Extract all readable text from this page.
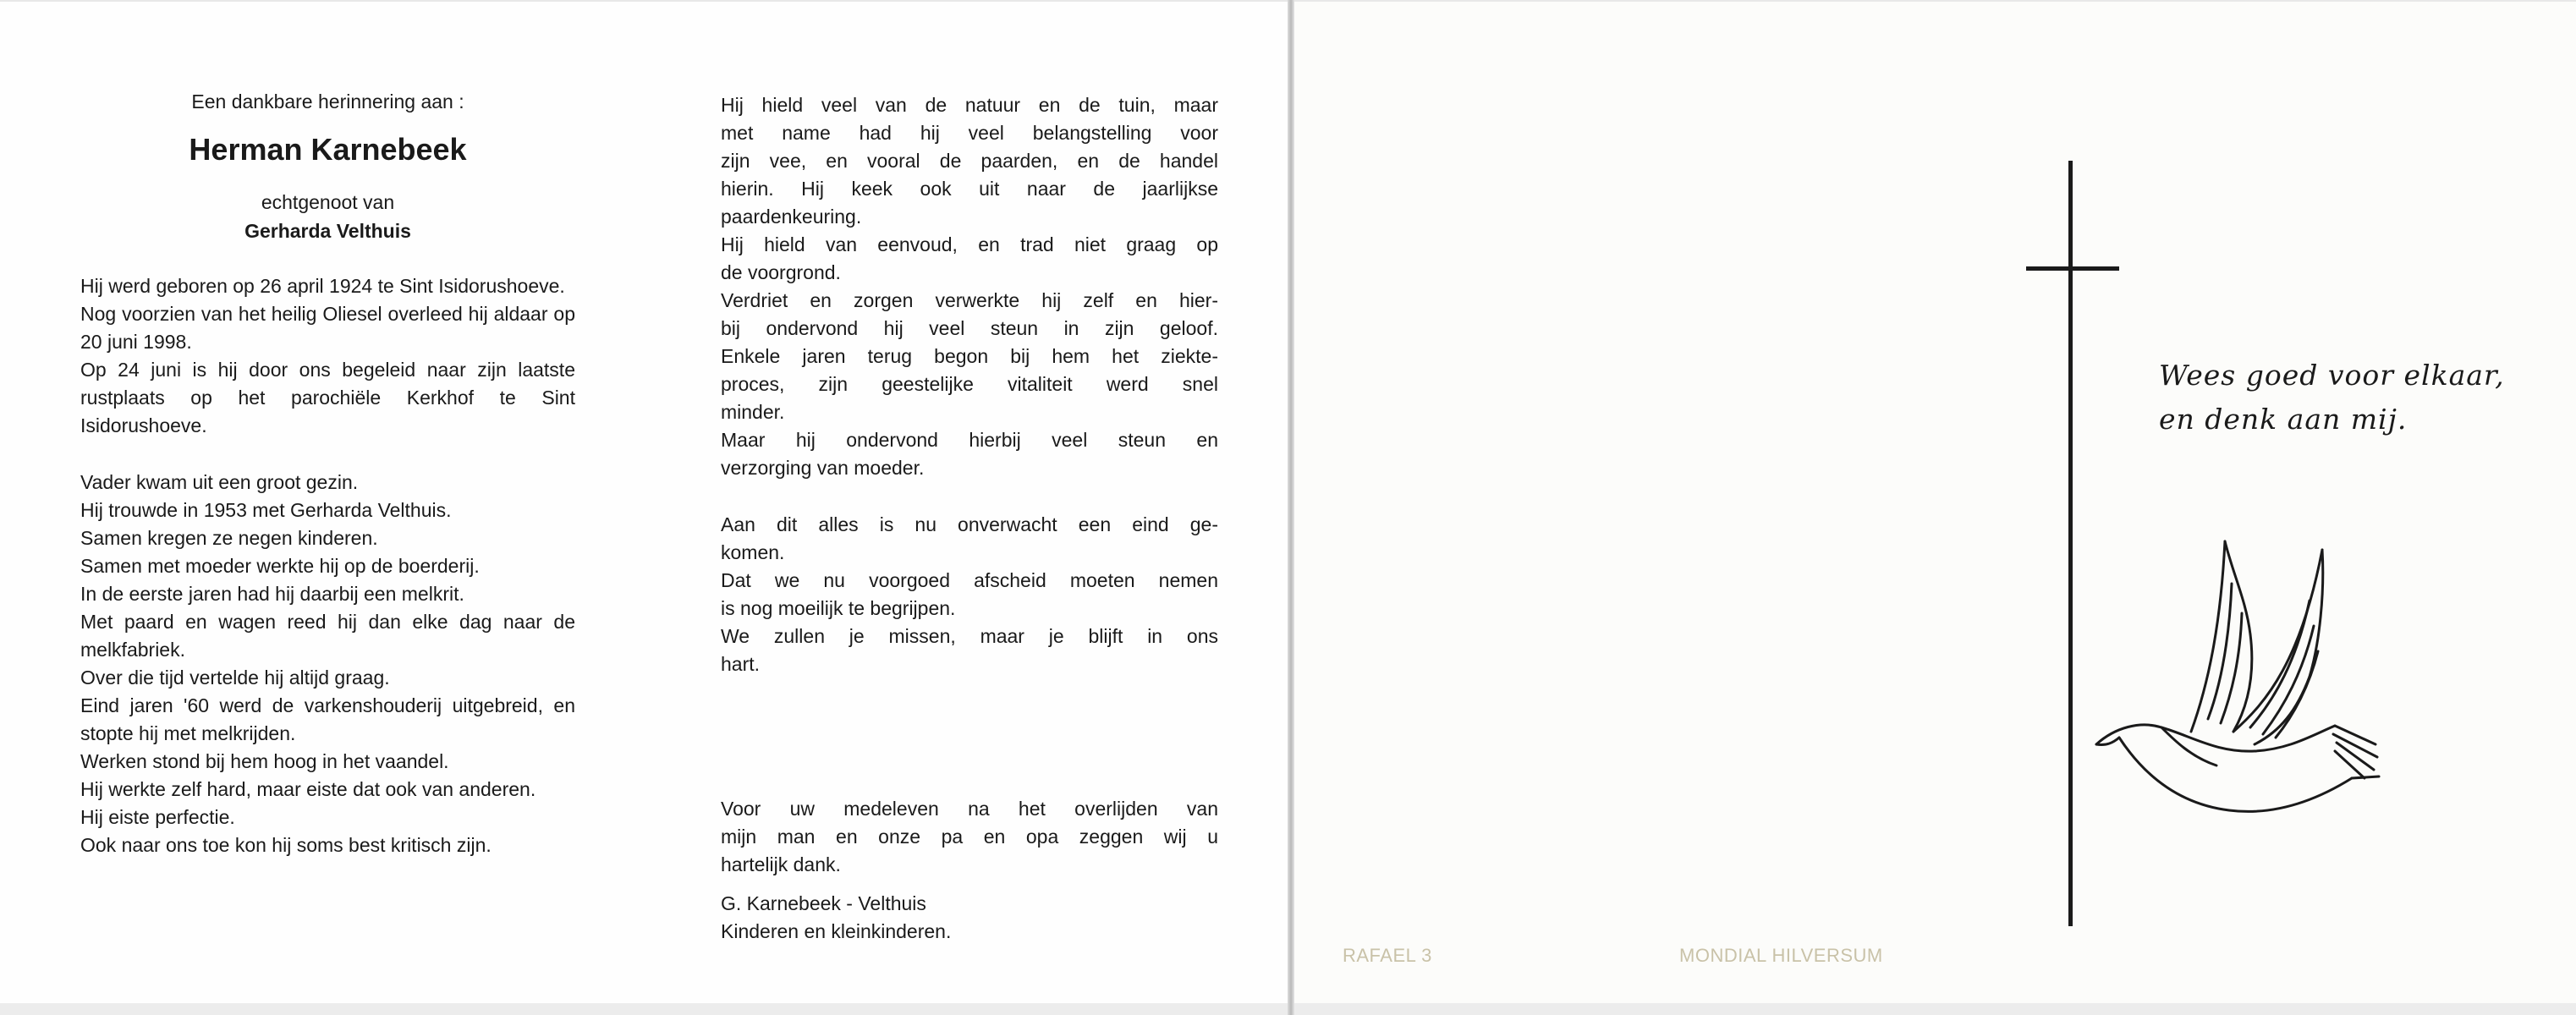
Een dankbare herinnering aan :

Herman Karnebeek

echtgenoot van

Gerharda Velthuis

Hij werd geboren op 26 april 1924 te Sint Isidorushoeve.

Nog voorzien van het heilig Oliesel overleed hij aldaar op 20 juni 1998.

Op 24 juni is hij door ons begeleid naar zijn laatste rustplaats op het parochiële Kerkhof te Sint Isidorushoeve.

Vader kwam uit een groot gezin.

Hij trouwde in 1953 met Gerharda Velthuis.

Samen kregen ze negen kinderen.

Samen met moeder werkte hij op de boerderij.

In de eerste jaren had hij daarbij een melkrit.

Met paard en wagen reed hij dan elke dag naar de melkfabriek.

Over die tijd vertelde hij altijd graag.

Eind jaren '60 werd de varkenshouderij uitgebreid, en stopte hij met melkrijden.

Werken stond bij hem hoog in het vaandel.

Hij werkte zelf hard, maar eiste dat ook van anderen.

Hij eiste perfectie.

Ook naar ons toe kon hij soms best kritisch zijn.

Hij hield veel van de natuur en de tuin, maar
met name had hij veel belangstelling voor
zijn vee, en vooral de paarden, en de handel
hierin. Hij keek ook uit naar de jaarlijkse
paardenkeuring.
Hij hield van eenvoud, en trad niet graag op
de voorgrond.
Verdriet en zorgen verwerkte hij zelf en hier-
bij ondervond hij veel steun in zijn geloof.
Enkele jaren terug begon bij hem het ziekte-
proces, zijn geestelijke vitaliteit werd snel
minder.
Maar hij ondervond hierbij veel steun en
verzorging van moeder.
Aan dit alles is nu onverwacht een eind ge-
komen.
Dat we nu voorgoed afscheid moeten nemen
is nog moeilijk te begrijpen.
We zullen je missen, maar je blijft in ons
hart.
Voor uw medeleven na het overlijden van
mijn man en onze pa en opa zeggen wij u
hartelijk dank.
G. Karnebeek - Velthuis
Kinderen en kleinkinderen.
Wees goed voor elkaar,
en denk aan mij.
RAFAEL 3	MONDIAL HILVERSUM
